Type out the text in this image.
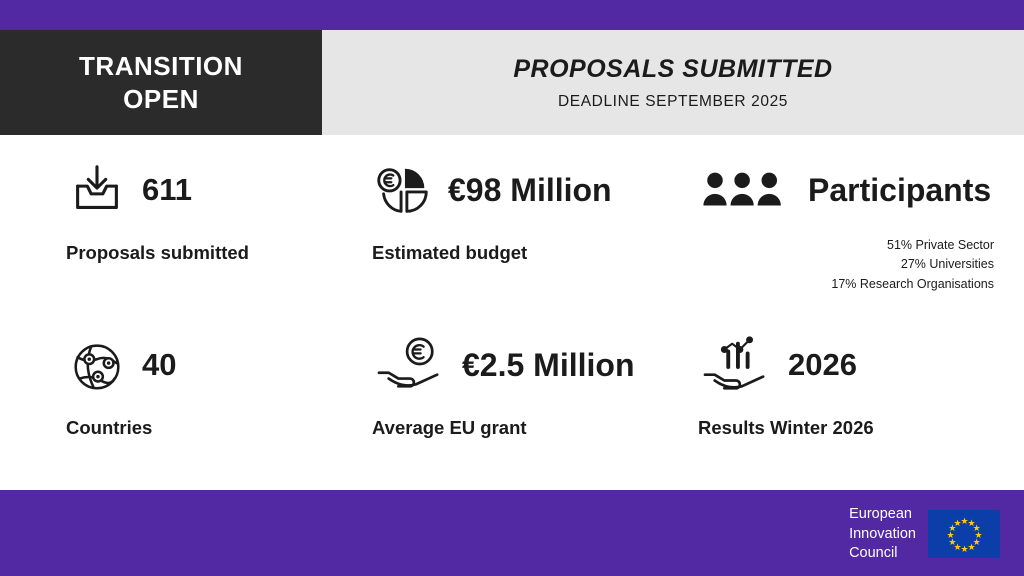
TRANSITION
OPEN
PROPOSALS SUBMITTED
DEADLINE SEPTEMBER 2025
611
Proposals submitted
€98 Million
Estimated budget
Participants
51% Private Sector
27% Universities
17% Research Organisations
40
Countries
€2.5 Million
Average EU grant
2026
Results Winter 2026
European
Innovation
Council
★
★
★
★
★
★
★
★
★
★
★
★
